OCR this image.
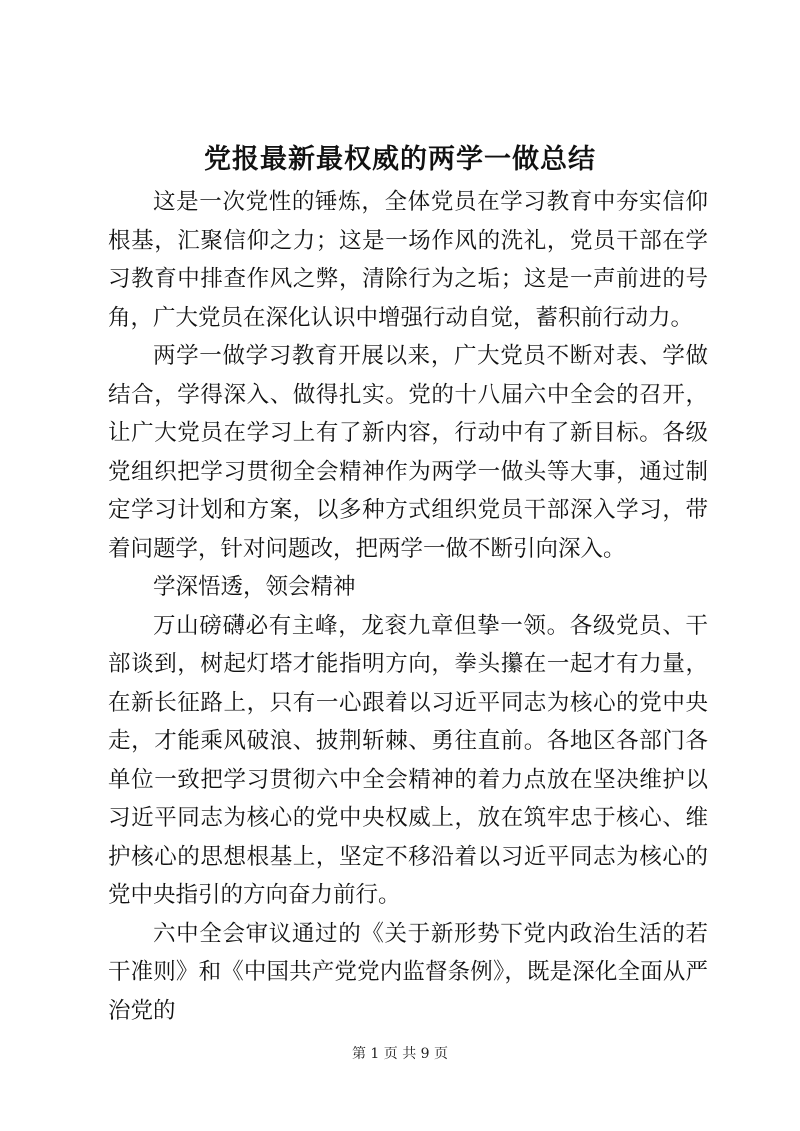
党报最新最权威的两学一做总结

这是一次党性的锤炼，全体党员在学习教育中夯实信仰根基，汇聚信仰之力；这是一场作风的洗礼，党员干部在学习教育中排查作风之弊，清除行为之垢；这是一声前进的号角，广大党员在深化认识中增强行动自觉，蓄积前行动力。

两学一做学习教育开展以来，广大党员不断对表、学做结合，学得深入、做得扎实。党的十八届六中全会的召开，让广大党员在学习上有了新内容，行动中有了新目标。各级党组织把学习贯彻全会精神作为两学一做头等大事，通过制定学习计划和方案，以多种方式组织党员干部深入学习，带着问题学，针对问题改，把两学一做不断引向深入。

学深悟透，领会精神

万山磅礴必有主峰，龙衮九章但挚一领。各级党员、干部谈到，树起灯塔才能指明方向，拳头攥在一起才有力量，在新长征路上，只有一心跟着以习近平同志为核心的党中央走，才能乘风破浪、披荆斩棘、勇往直前。各地区各部门各单位一致把学习贯彻六中全会精神的着力点放在坚决维护以习近平同志为核心的党中央权威上，放在筑牢忠于核心、维护核心的思想根基上，坚定不移沿着以习近平同志为核心的党中央指引的方向奋力前行。

六中全会审议通过的《关于新形势下党内政治生活的若干准则》和《中国共产党党内监督条例》，既是深化全面从严治党的

第 1 页 共 9 页
